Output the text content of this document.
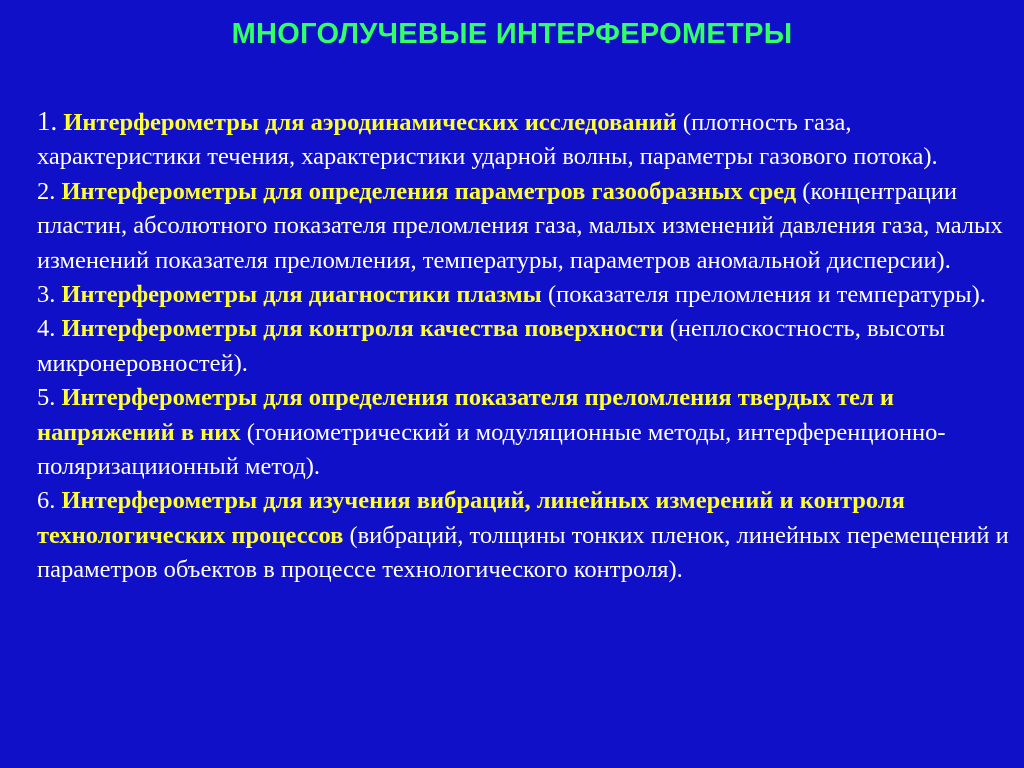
МНОГОЛУЧЕВЫЕ ИНТЕРФЕРОМЕТРЫ

1. Интерферометры для аэродинамических исследований (плотность газа, характеристики течения, характеристики ударной волны, параметры газового потока).

2. Интерферометры для определения параметров газообразных сред (концентрации пластин, абсолютного показателя преломления газа, малых изменений давления газа, малых изменений показателя преломления, температуры, параметров аномальной дисперсии).

3. Интерферометры для диагностики плазмы (показателя преломления и температуры).

4. Интерферометры для контроля качества поверхности (неплоскостность, высоты микронеровностей).

5. Интерферометры для определения показателя преломления твердых тел и напряжений в них (гониометрический и модуляционные методы, интерференционно-поляризациионный метод).

6. Интерферометры для изучения вибраций, линейных измерений и контроля технологических процессов (вибраций, толщины тонких пленок, линейных перемещений и параметров объектов в процессе технологического контроля).
